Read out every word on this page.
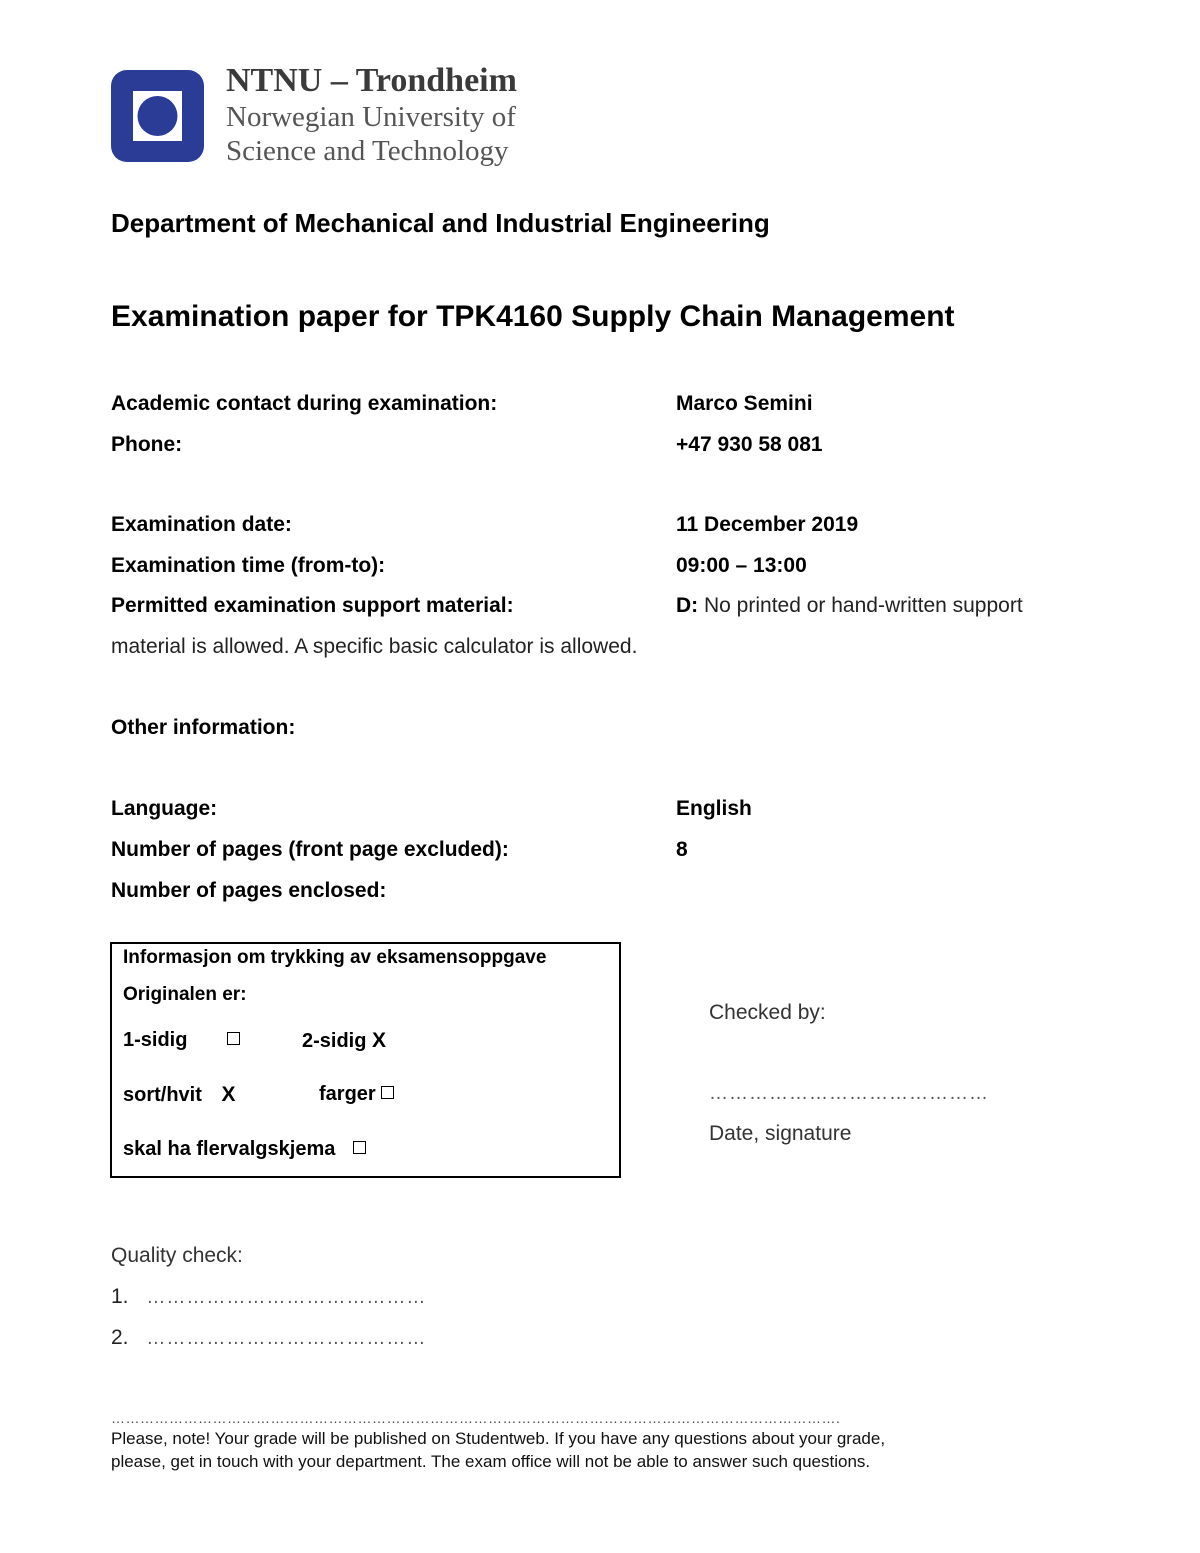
NTNU – Trondheim
Norwegian University of
Science and Technology
Department of Mechanical and Industrial Engineering
Examination paper for TPK4160 Supply Chain Management
Academic contact during examination:	Marco Semini
Phone:	+47 930 58 081
Examination date:	11 December 2019
Examination time (from-to):	09:00 – 13:00
Permitted examination support material:	D: No printed or hand-written support
material is allowed. A specific basic calculator is allowed.
Other information:
Language:	English
Number of pages (front page excluded):	8
Number of pages enclosed:
Informasjon om trykking av eksamensoppgave
Originalen er:
1-sidig	2-sidig X
sort/hvit X	farger
skal ha flervalgskjema
Checked by:
……………………………………
Date, signature
Quality check:
1. ……………………………………
2. ……………………………………
…………………………………………………………………………………………………………………………………….
Please, note! Your grade will be published on Studentweb. If you have any questions about your grade,
please, get in touch with your department. The exam office will not be able to answer such questions.
